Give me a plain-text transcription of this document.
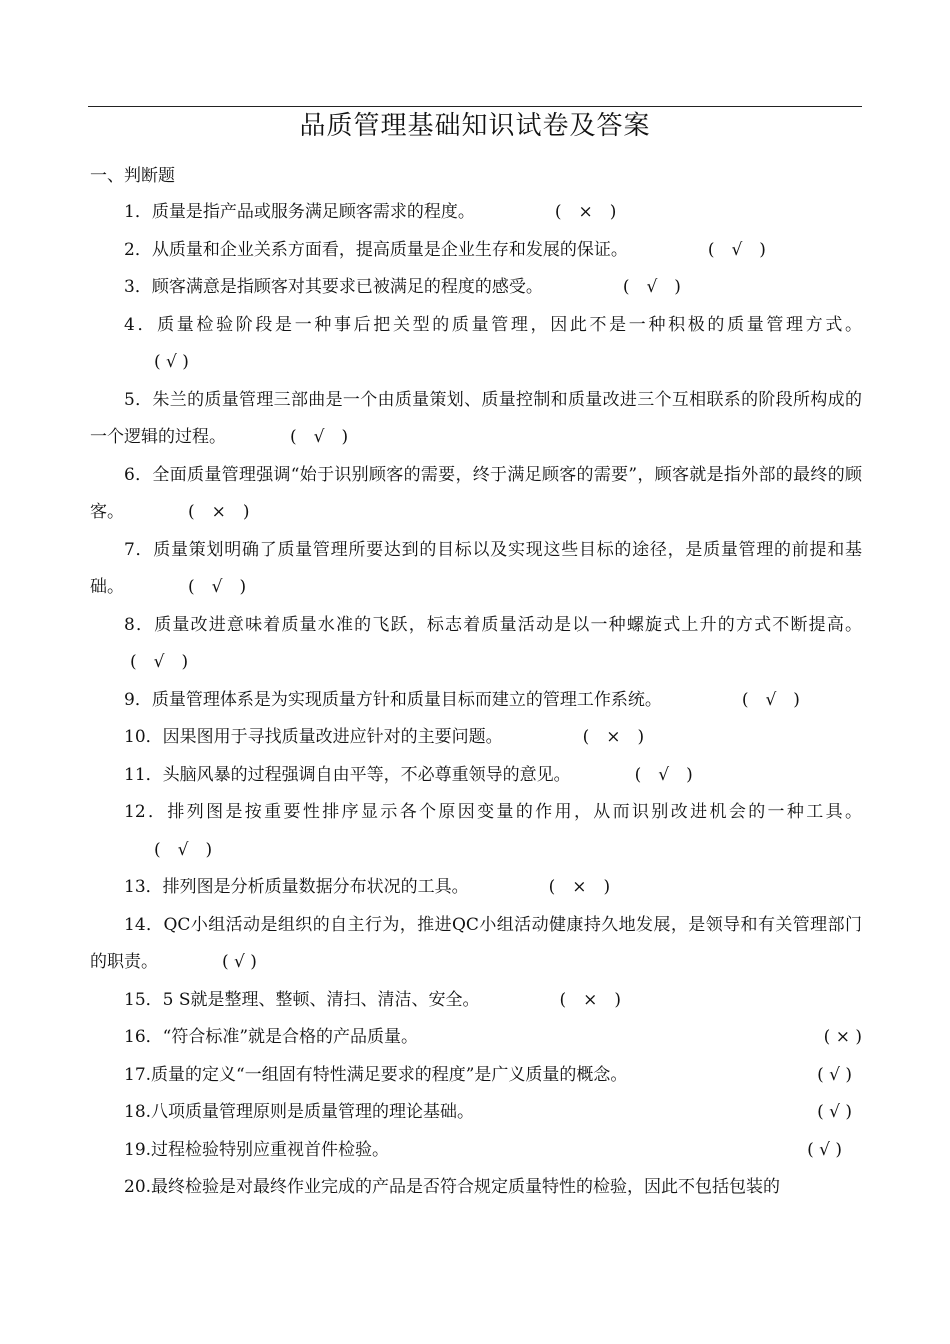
品质管理基础知识试卷及答案
一、判断题

1．质量是指产品或服务满足顾客需求的程度。	(　×　)

2．从质量和企业关系方面看，提高质量是企业生存和发展的保证。	(　√　)

3．顾客满意是指顾客对其要求已被满足的程度的感受。	(　√　)

4．质量检验阶段是一种事后把关型的质量管理，因此不是一种积极的质量管理方式。( √ )

5．朱兰的质量管理三部曲是一个由质量策划、质量控制和质量改进三个互相联系的阶段所构成的一个逻辑的过程。	(　√　)

6．全面质量管理强调“始于识别顾客的需要，终于满足顾客的需要”，顾客就是指外部的最终的顾客。	(　×　)

7．质量策划明确了质量管理所要达到的目标以及实现这些目标的途径，是质量管理的前提和基础。	(　√　)

8．质量改进意味着质量水准的飞跃，标志着质量活动是以一种螺旋式上升的方式不断提高。(　√　)

9．质量管理体系是为实现质量方针和质量目标而建立的管理工作系统。	(　√　)

10．因果图用于寻找质量改进应针对的主要问题。	(　×　)

11．头脑风暴的过程强调自由平等，不必尊重领导的意见。	(　√　)

12．排列图是按重要性排序显示各个原因变量的作用，从而识别改进机会的一种工具。(　√　)

13．排列图是分析质量数据分布状况的工具。	(　×　)

14．QC小组活动是组织的自主行为，推进QC小组活动健康持久地发展，是领导和有关管理部门的职责。	( √ )

15．5 S就是整理、整顿、清扫、清洁、安全。	(　×　)

16．“符合标准”就是合格的产品质量。	( × )

17.质量的定义“一组固有特性满足要求的程度”是广义质量的概念。	( √ )

18.八项质量管理原则是质量管理的理论基础。	( √ )

19.过程检验特别应重视首件检验。	( √ )

20.最终检验是对最终作业完成的产品是否符合规定质量特性的检验，因此不包括包装的
